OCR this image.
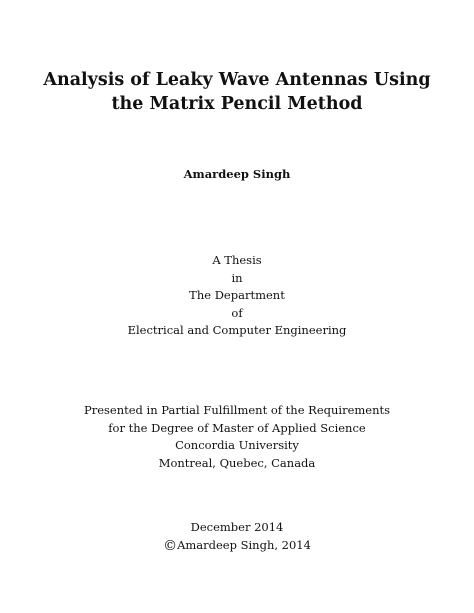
Analysis of Leaky Wave Antennas Using
the Matrix Pencil Method
Amardeep Singh
A Thesis
in
The Department
of
Electrical and Computer Engineering
Presented in Partial Fulfillment of the Requirements
for the Degree of Master of Applied Science
Concordia University
Montreal, Quebec, Canada
December 2014
©Amardeep Singh, 2014
